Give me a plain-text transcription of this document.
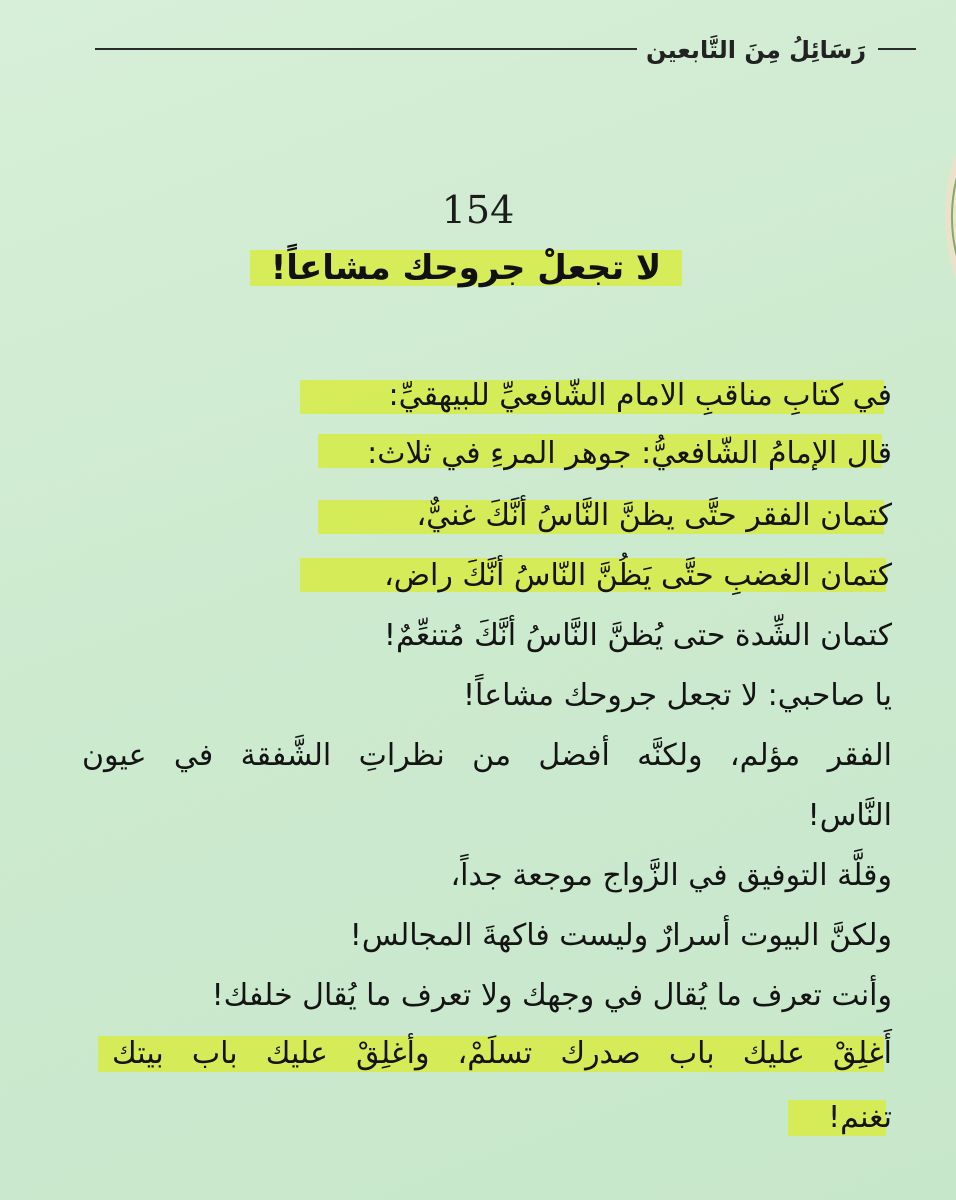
رَسَائِلُ مِنَ التَّابعين
154
لا تجعلْ جروحك مشاعاً!
في كتابِ مناقبِ الامام الشّافعيِّ للبيهقيِّ:
قال الإمامُ الشّافعيُّ: جوهر المرءِ في ثلاث:
كتمان الفقر حتَّى يظنَّ النَّاسُ أنَّكَ غنيٌّ،
كتمان الغضبِ حتَّى يَظُنَّ النّاسُ أنَّكَ راض،
كتمان الشِّدة حتى يُظنَّ النَّاسُ أنَّكَ مُتنعِّمٌ!
يا صاحبي: لا تجعل جروحك مشاعاً!
الفقر مؤلم، ولكنَّه أفضل من نظراتِ الشَّفقة في عيون
النَّاس!
وقلَّة التوفيق في الزَّواج موجعة جداً،
ولكنَّ البيوت أسرارٌ وليست فاكهةَ المجالس!
وأنت تعرف ما يُقال في وجهك ولا تعرف ما يُقال خلفك!
أَغلِقْ عليك باب صدرك تسلَمْ، وأغلِقْ عليك باب بيتك
تغنم!
